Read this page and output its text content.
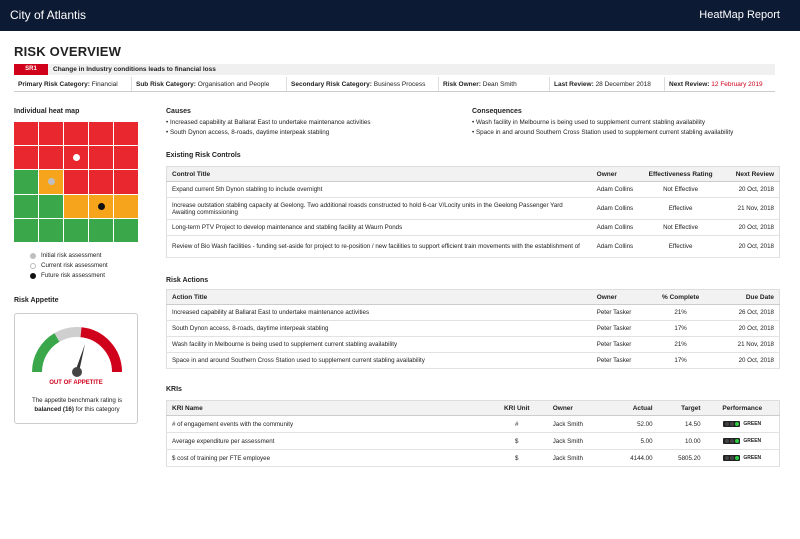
City of Atlantis	HeatMap Report
RISK OVERVIEW
SR1	Change in Industry conditions leads to financial loss
Primary Risk Category: Financial	Sub Risk Category: Organisation and People	Secondary Risk Category: Business Process	Risk Owner: Dean Smith	Last Review: 28 December 2018	Next Review: 12 February 2019
Individual heat map
Initial risk assessment
Current risk assessment
Future risk assessment
Risk Appetite
OUT OF APPETITE
The appetite benchmark rating is balanced (16) for this category
Causes
• Increased capability at Ballarat East to undertake maintenance activities
• South Dynon access, 8-roads, daytime interpeak stabling
Consequences
• Wash facility in Melbourne is being used to supplement current stabling availability
• Space in and around Southern Cross Station used to supplement current stabling availability
Existing Risk Controls
Control Title	Owner	Effectiveness Rating	Next Review
Expand current 5th Dynon stabling to include overnight	Adam Collins	Not Effective	20 Oct, 2018
Increase outstation stabling capacity at Geelong. Two additional roasds constructed to hold 6-car V/Locity units in the Geelong Passenger Yard Awaiting commissioning	Adam Collins	Effective	21 Nov, 2018
Long-term PTV Project to develop maintenance and stabling facility at Waurn Ponds	Adam Collins	Not Effective	20 Oct, 2018
Review of Bio Wash facilities - funding set-aside for project to re-position / new facilities to support efficient train movements with the establishment of	Adam Collins	Effective	20 Oct, 2018
Risk Actions
Action Title	Owner	% Complete	Due Date
Increased capability at Ballarat East to undertake maintenance activities	Peter Tasker	21%	26 Oct, 2018
South Dynon access, 8-roads, daytime interpeak stabling	Peter Tasker	17%	20 Oct, 2018
Wash facility in Melbourne is being used to supplement current stabling availability	Peter Tasker	21%	21 Nov, 2018
Space in and around Southern Cross Station used to supplement current stabling availability	Peter Tasker	17%	20 Oct, 2018
KRIs
KRI Name	KRI Unit	Owner	Actual	Target	Performance
# of engagement events with the community	#	Jack Smith	52.00	14.50	GREEN

Average expenditure per assessment	$	Jack Smith	5.00	10.00	GREEN

$ cost of training per FTE employee	$	Jack Smith	4144.00	5805.20	GREEN
